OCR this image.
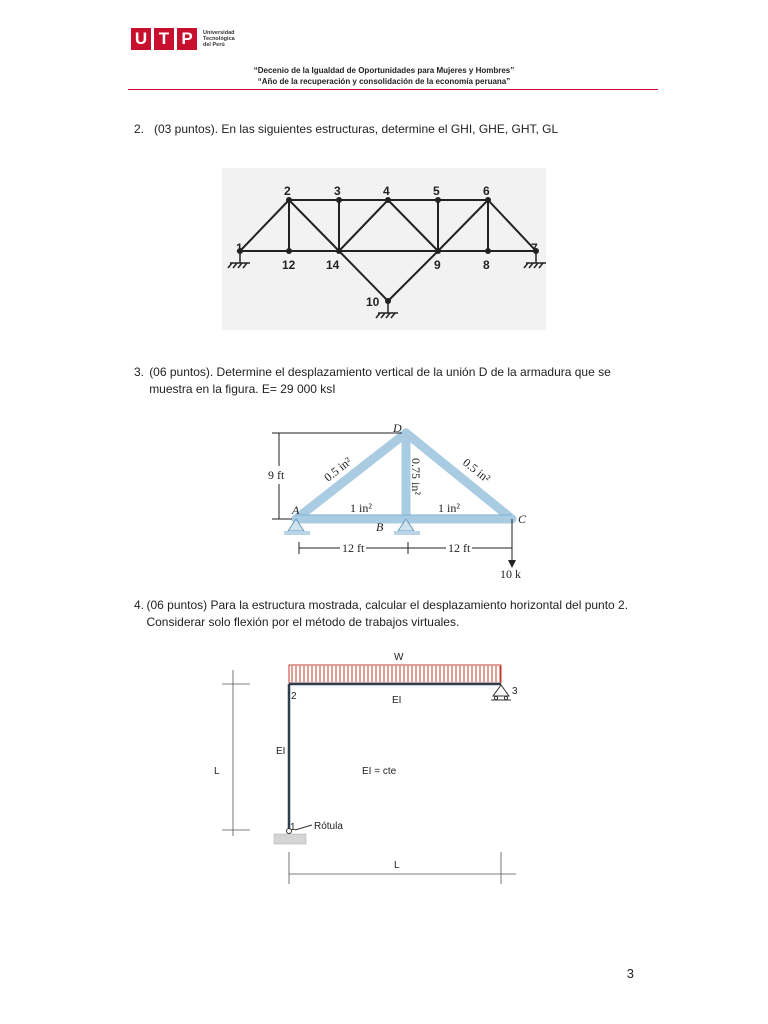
U T P	Universidad
Tecnológica
del Perú
“Decenio de la Igualdad de Oportunidades para Mujeres y Hombres”
“Año de la recuperación y consolidación de la economía peruana”
2. (03 puntos). En las siguientes estructuras, determine el GHI, GHE, GHT, GL
1
2	3	4	5	6
7
12	14	9	8
10
3. (06 puntos). Determine el desplazamiento vertical de la unión D de la armadura que se muestra en la figura. E= 29 000 ksI
A
B
C
D
0.5 in²	0.75 in²	0.5 in²
1 in²	1 in²
9 ft
12 ft	12 ft
10 k
4. (06 puntos) Para la estructura mostrada, calcular el desplazamiento horizontal del punto 2. Considerar solo flexión por el método de trabajos virtuales.
W
EI
EI
EI = cte
1
2	3
Rótula
L
L
3
